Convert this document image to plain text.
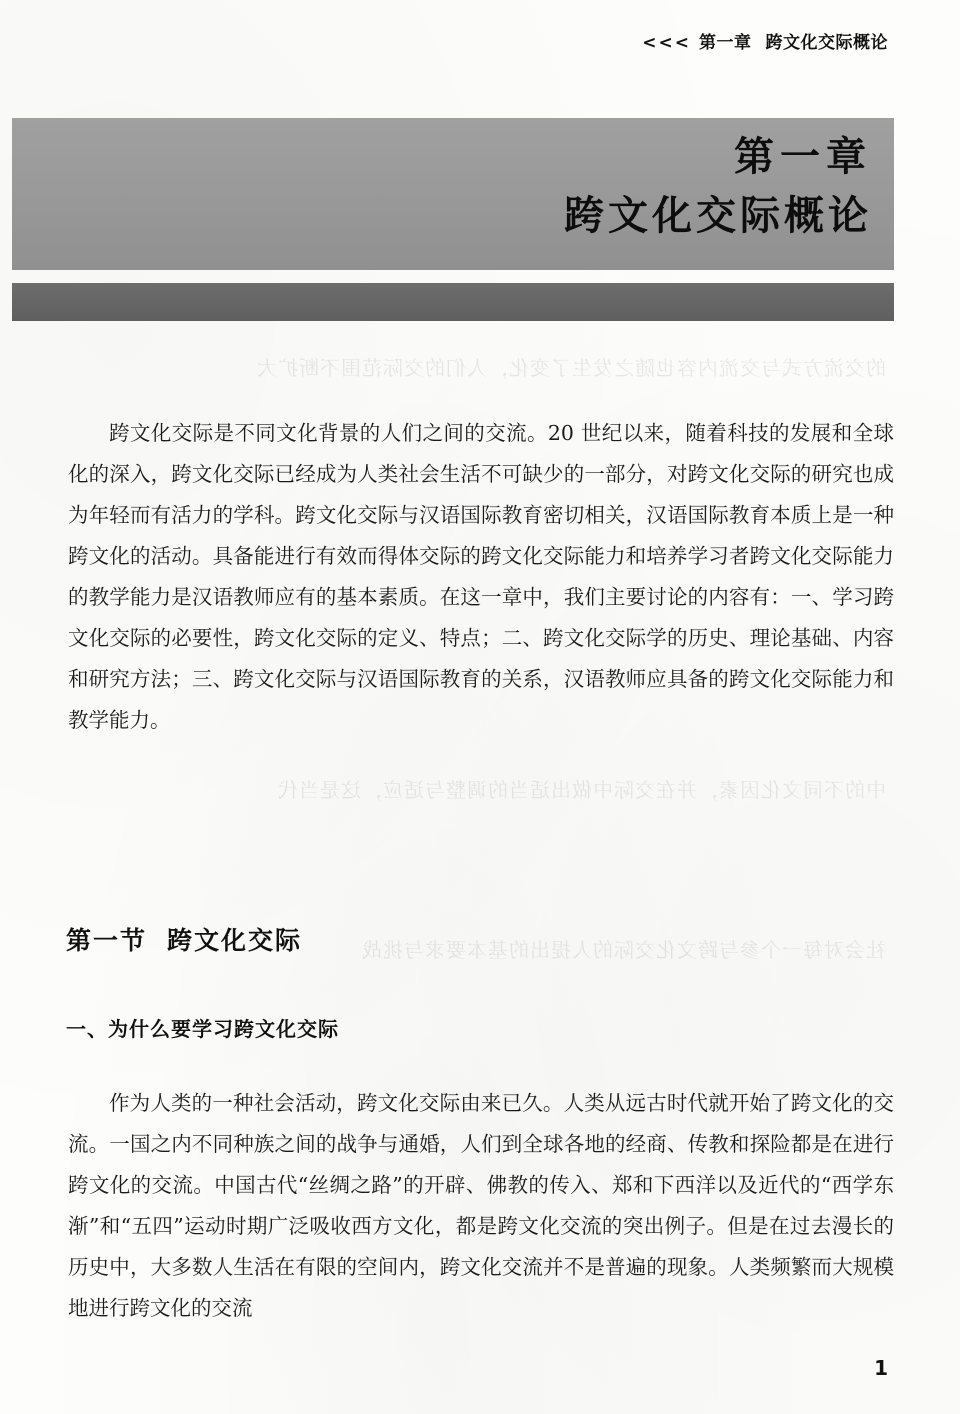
<<< 第一章 跨文化交际概论
的交流方式与交流内容也随之发生了变化，人们的交际范围不断扩大
中的不同文化因素，并在交际中做出适当的调整与适应，这是当代
社会对每一个参与跨文化交际的人提出的基本要求与挑战
第一章
跨文化交际概论

跨文化交际是不同文化背景的人们之间的交流。20 世纪以来，随着科技的发展和全球化的深入，跨文化交际已经成为人类社会生活不可缺少的一部分，对跨文化交际的研究也成为年轻而有活力的学科。跨文化交际与汉语国际教育密切相关，汉语国际教育本质上是一种跨文化的活动。具备能进行有效而得体交际的跨文化交际能力和培养学习者跨文化交际能力的教学能力是汉语教师应有的基本素质。在这一章中，我们主要讨论的内容有：一、学习跨文化交际的必要性，跨文化交际的定义、特点；二、跨文化交际学的历史、理论基础、内容和研究方法；三、跨文化交际与汉语国际教育的关系，汉语教师应具备的跨文化交际能力和教学能力。

第一节 跨文化交际
一、为什么要学习跨文化交际

作为人类的一种社会活动，跨文化交际由来已久。人类从远古时代就开始了跨文化的交流。一国之内不同种族之间的战争与通婚，人们到全球各地的经商、传教和探险都是在进行跨文化的交流。中国古代“丝绸之路”的开辟、佛教的传入、郑和下西洋以及近代的“西学东渐”和“五四”运动时期广泛吸收西方文化，都是跨文化交流的突出例子。但是在过去漫长的历史中，大多数人生活在有限的空间内，跨文化交流并不是普遍的现象。人类频繁而大规模地进行跨文化的交流

1
